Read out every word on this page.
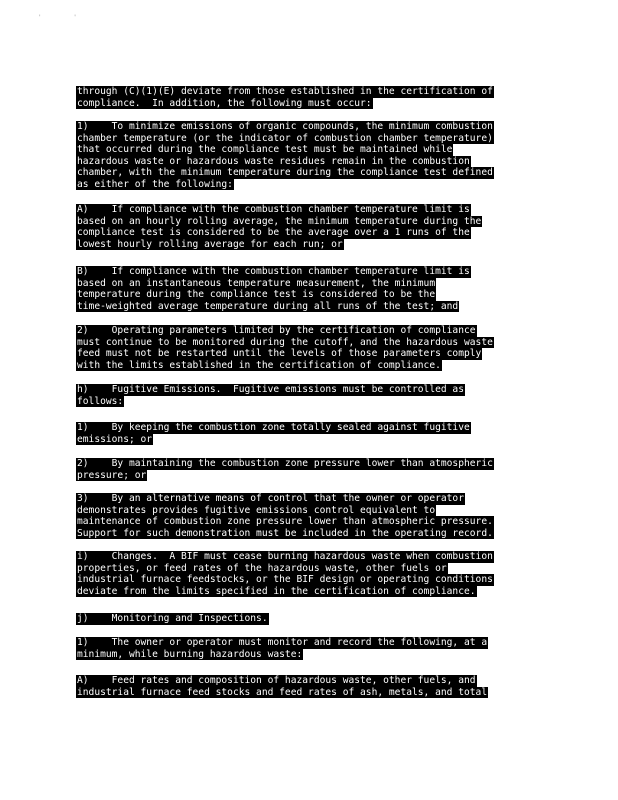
'	'
through (C)(1)(E) deviate from those established in the certification of
compliance.  In addition, the following must occur:
1)    To minimize emissions of organic compounds, the minimum combustion
chamber temperature (or the indicator of combustion chamber temperature)
that occurred during the compliance test must be maintained while
hazardous waste or hazardous waste residues remain in the combustion
chamber, with the minimum temperature during the compliance test defined
as either of the following:
A)    If compliance with the combustion chamber temperature limit is
based on an hourly rolling average, the minimum temperature during the
compliance test is considered to be the average over a 1 runs of the
lowest hourly rolling average for each run; or
B)    If compliance with the combustion chamber temperature limit is
based on an instantaneous temperature measurement, the minimum
temperature during the compliance test is considered to be the
time-weighted average temperature during all runs of the test; and
2)    Operating parameters limited by the certification of compliance
must continue to be monitored during the cutoff, and the hazardous waste
feed must not be restarted until the levels of those parameters comply
with the limits established in the certification of compliance.
h)    Fugitive Emissions.  Fugitive emissions must be controlled as
follows:
1)    By keeping the combustion zone totally sealed against fugitive
emissions; or
2)    By maintaining the combustion zone pressure lower than atmospheric
pressure; or
3)    By an alternative means of control that the owner or operator
demonstrates provides fugitive emissions control equivalent to
maintenance of combustion zone pressure lower than atmospheric pressure.
Support for such demonstration must be included in the operating record.
i)    Changes.  A BIF must cease burning hazardous waste when combustion
properties, or feed rates of the hazardous waste, other fuels or
industrial furnace feedstocks, or the BIF design or operating conditions
deviate from the limits specified in the certification of compliance.
j)    Monitoring and Inspections.
1)    The owner or operator must monitor and record the following, at a
minimum, while burning hazardous waste:
A)    Feed rates and composition of hazardous waste, other fuels, and
industrial furnace feed stocks and feed rates of ash, metals, and total
